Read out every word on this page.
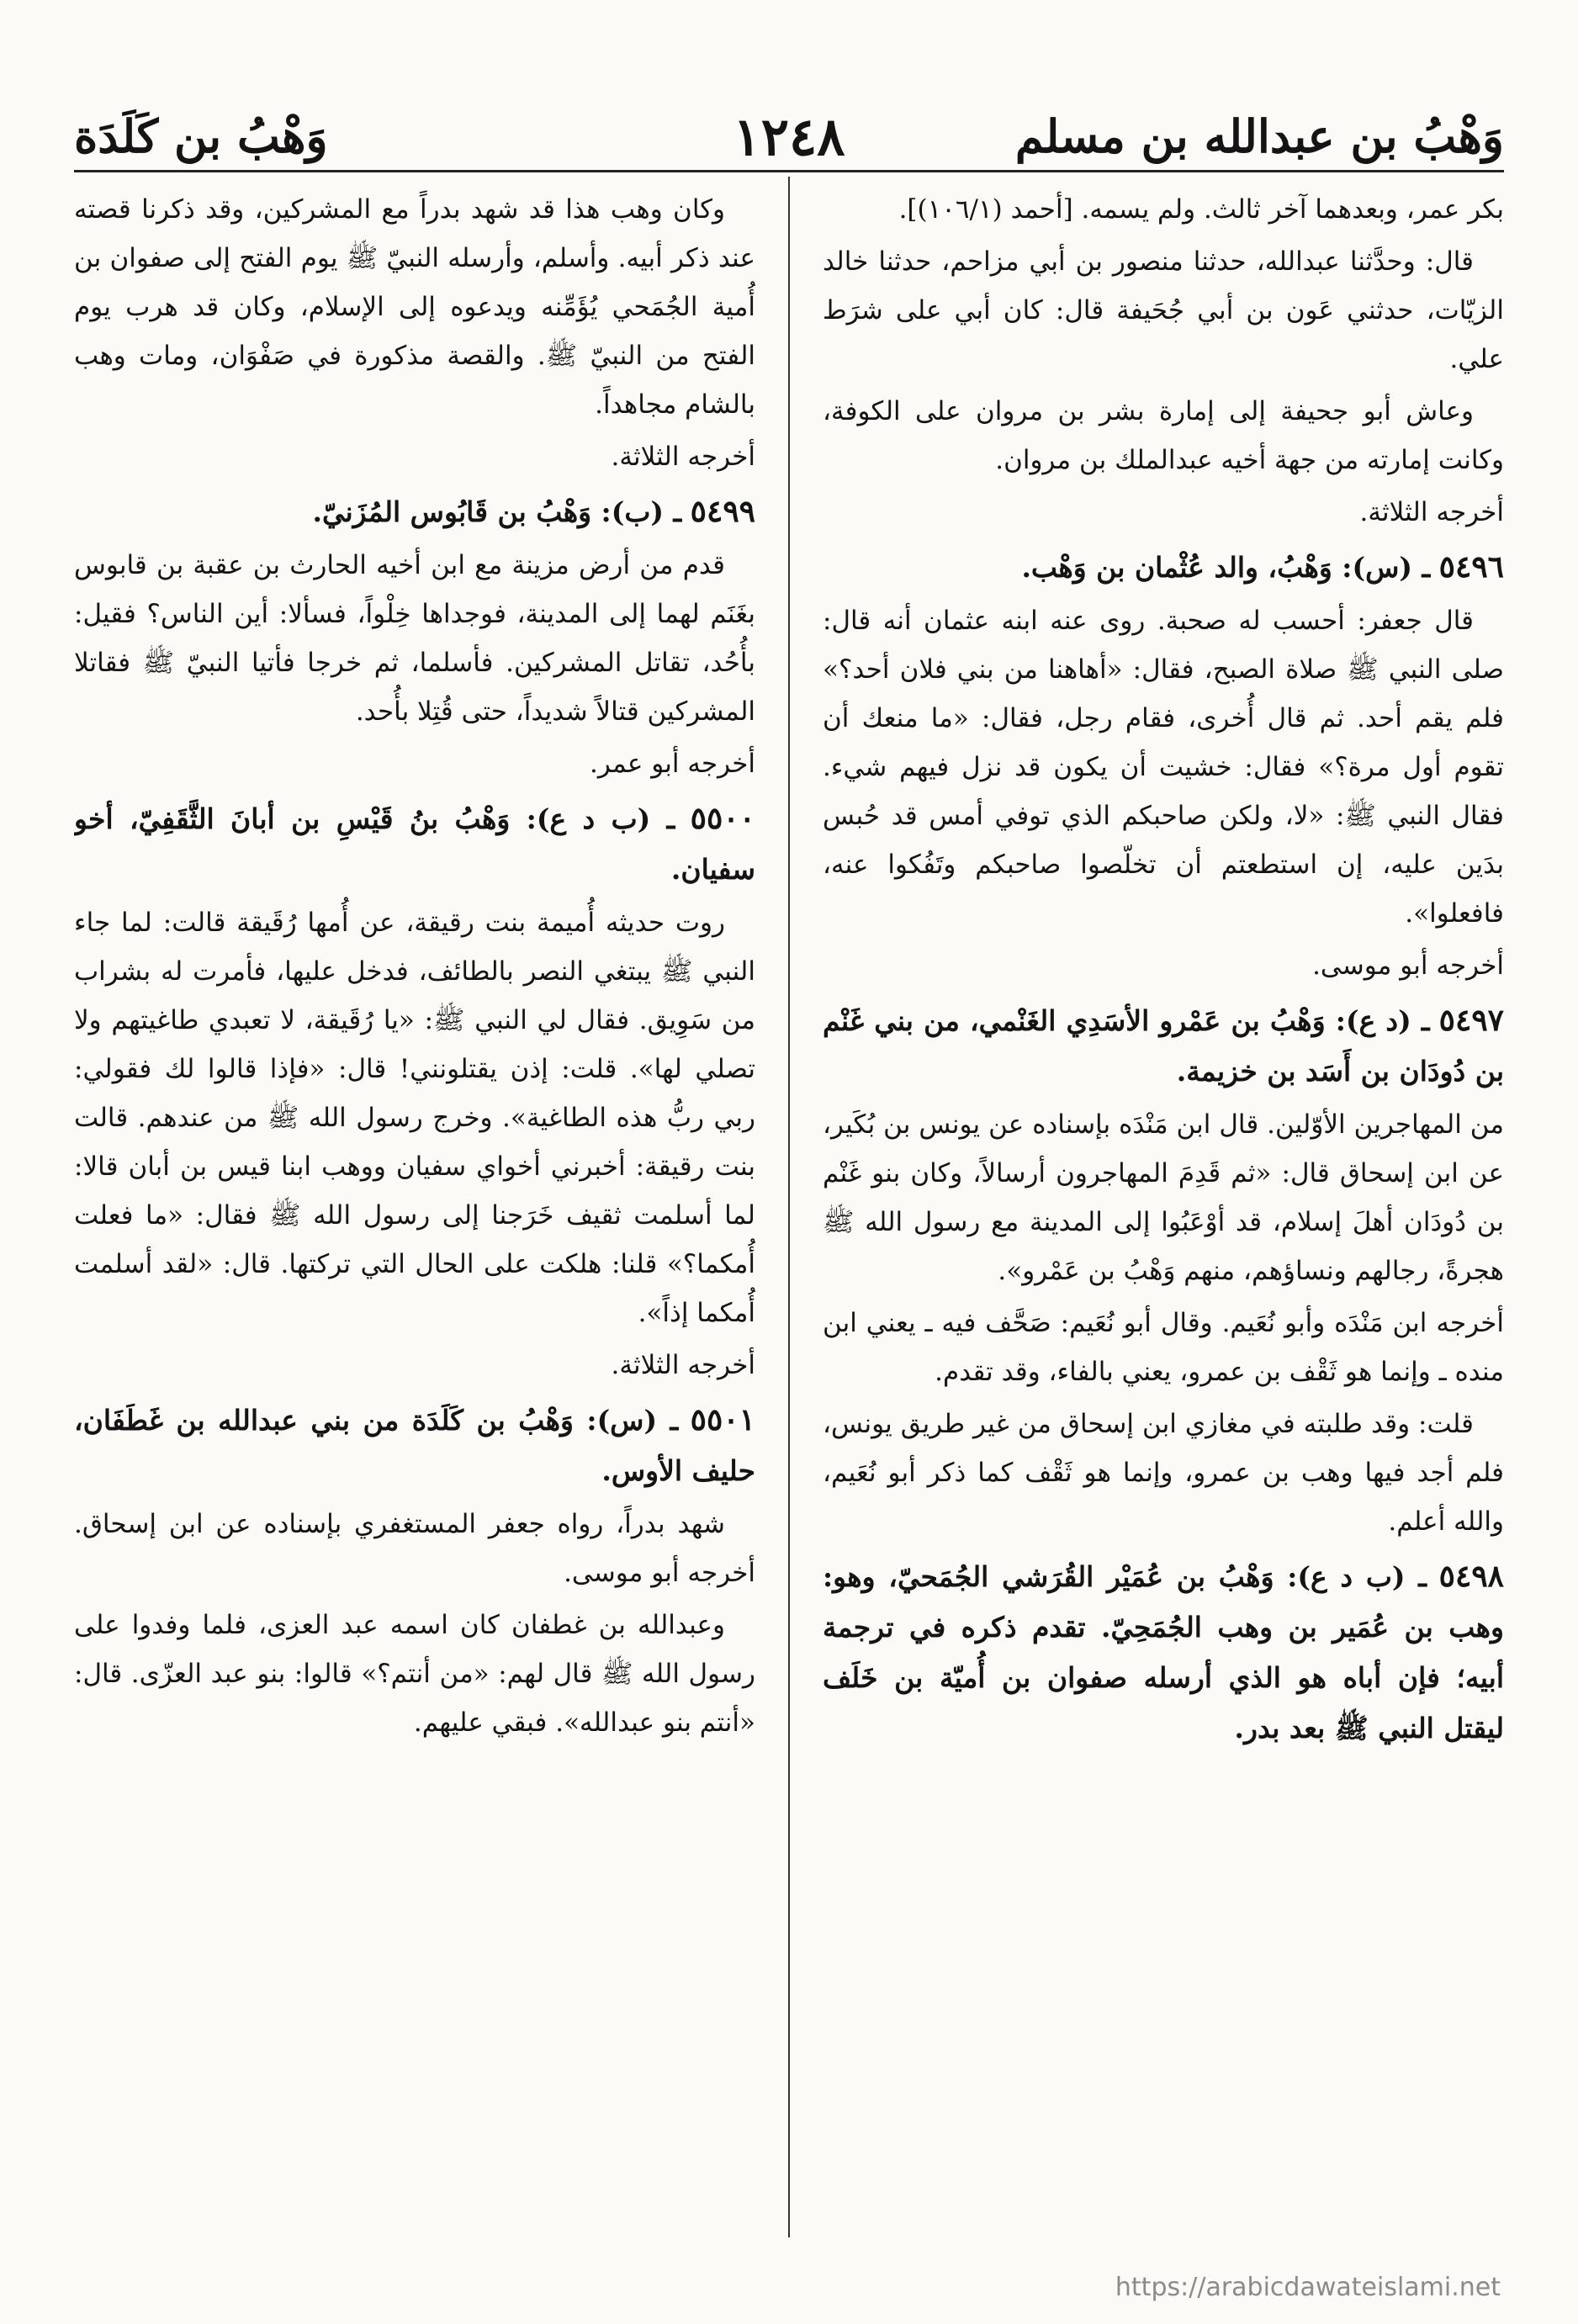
وَهْبُ بن عبدالله بن مسلم
١٢٤٨
وَهْبُ بن كَلَدَة

بكر عمر، وبعدهما آخر ثالث. ولم يسمه. [أحمد (١٠٦/١)].

قال: وحدَّثنا عبدالله، حدثنا منصور بن أبي مزاحم، حدثنا خالد الزيّات، حدثني عَون بن أبي جُحَيفة قال: كان أبي على شرَط علي.

وعاش أبو جحيفة إلى إمارة بشر بن مروان على الكوفة، وكانت إمارته من جهة أخيه عبدالملك بن مروان.

أخرجه الثلاثة.

٥٤٩٦ ـ (س): وَهْبُ، والد عُثْمان بن وَهْب.

قال جعفر: أحسب له صحبة. روى عنه ابنه عثمان أنه قال: صلى النبي ﷺ صلاة الصبح، فقال: «أهاهنا من بني فلان أحد؟» فلم يقم أحد. ثم قال أُخرى، فقام رجل، فقال: «ما منعك أن تقوم أول مرة؟» فقال: خشيت أن يكون قد نزل فيهم شيء. فقال النبي ﷺ: «لا، ولكن صاحبكم الذي توفي أمس قد حُبس بدَين عليه، إن استطعتم أن تخلّصوا صاحبكم وتَفُكوا عنه، فافعلوا».

أخرجه أبو موسى.

٥٤٩٧ ـ (د ع): وَهْبُ بن عَمْرو الأسَدِي الغَنْمي، من بني غَنْم بن دُودَان بن أَسَد بن خزيمة.

من المهاجرين الأوّلين. قال ابن مَنْدَه بإسناده عن يونس بن بُكَير، عن ابن إسحاق قال: «ثم قَدِمَ المهاجرون أرسالاً، وكان بنو غَنْم بن دُودَان أهلَ إسلام، قد أوْعَبُوا إلى المدينة مع رسول الله ﷺ هجرةً، رجالهم ونساؤهم، منهم وَهْبُ بن عَمْرو».

أخرجه ابن مَنْدَه وأبو نُعَيم. وقال أبو نُعَيم: صَحَّف فيه ـ يعني ابن منده ـ وإنما هو ثَقْف بن عمرو، يعني بالفاء، وقد تقدم.

قلت: وقد طلبته في مغازي ابن إسحاق من غير طريق يونس، فلم أجد فيها وهب بن عمرو، وإنما هو ثَقْف كما ذكر أبو نُعَيم، والله أعلم.

٥٤٩٨ ـ (ب د ع): وَهْبُ بن عُمَيْر القُرَشي الجُمَحيّ، وهو: وهب بن عُمَير بن وهب الجُمَحِيّ. تقدم ذكره في ترجمة أبيه؛ فإن أباه هو الذي أرسله صفوان بن أُميّة بن خَلَف ليقتل النبي ﷺ بعد بدر.

وكان وهب هذا قد شهد بدراً مع المشركين، وقد ذكرنا قصته عند ذكر أبيه. وأسلم، وأرسله النبيّ ﷺ يوم الفتح إلى صفوان بن أُمية الجُمَحي يُؤَمِّنه ويدعوه إلى الإسلام، وكان قد هرب يوم الفتح من النبيّ ﷺ. والقصة مذكورة في صَفْوَان، ومات وهب بالشام مجاهداً.

أخرجه الثلاثة.

٥٤٩٩ ـ (ب): وَهْبُ بن قَابُوس المُزَنيّ.

قدم من أرض مزينة مع ابن أخيه الحارث بن عقبة بن قابوس بغَنَم لهما إلى المدينة، فوجداها خِلْواً، فسألا: أين الناس؟ فقيل: بأُحُد، تقاتل المشركين. فأسلما، ثم خرجا فأتيا النبيّ ﷺ فقاتلا المشركين قتالاً شديداً، حتى قُتِلا بأُحد.

أخرجه أبو عمر.

٥٥٠٠ ـ (ب د ع): وَهْبُ بنُ قَيْسِ بن أبانَ الثَّقَفِيّ، أخو سفيان.

روت حديثه أُميمة بنت رقيقة، عن أُمها رُقَيقة قالت: لما جاء النبي ﷺ يبتغي النصر بالطائف، فدخل عليها، فأمرت له بشراب من سَوِيق. فقال لي النبي ﷺ: «يا رُقَيقة، لا تعبدي طاغيتهم ولا تصلي لها». قلت: إذن يقتلونني! قال: «فإذا قالوا لك فقولي: ربي ربُّ هذه الطاغية». وخرج رسول الله ﷺ من عندهم. قالت بنت رقيقة: أخبرني أخواي سفيان ووهب ابنا قيس بن أبان قالا: لما أسلمت ثقيف خَرَجنا إلى رسول الله ﷺ فقال: «ما فعلت أُمكما؟» قلنا: هلكت على الحال التي تركتها. قال: «لقد أسلمت أُمكما إذاً».

أخرجه الثلاثة.

٥٥٠١ ـ (س): وَهْبُ بن كَلَدَة من بني عبدالله بن غَطَفَان، حليف الأوس.

شهد بدراً، رواه جعفر المستغفري بإسناده عن ابن إسحاق. أخرجه أبو موسى.

وعبدالله بن غطفان كان اسمه عبد العزى، فلما وفدوا على رسول الله ﷺ قال لهم: «من أنتم؟» قالوا: بنو عبد العزّى. قال: «أنتم بنو عبدالله». فبقي عليهم.

https://arabicdawateislami.net
